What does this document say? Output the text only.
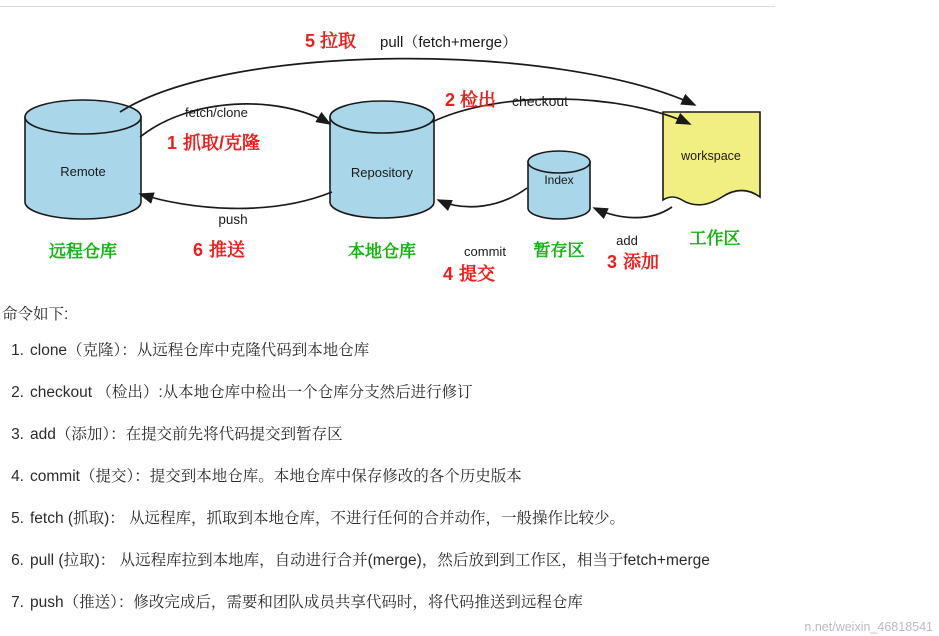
Remote
远程仓库
Repository
本地仓库
Index
暂存区
workspace
工作区
5 拉取 pull（fetch+merge）
fetch/clone
1 抓取/克隆
2 检出 checkout
add
3 添加
commit
4 提交
push
6 推送
命令如下:
1. clone（克隆）：从远程仓库中克隆代码到本地仓库
2. checkout （检出）:从本地仓库中检出一个仓库分支然后进行修订
3. add（添加）：在提交前先将代码提交到暂存区
4. commit（提交）：提交到本地仓库。本地仓库中保存修改的各个历史版本
5. fetch (抓取)： 从远程库，抓取到本地仓库，不进行任何的合并动作，一般操作比较少。
6. pull (拉取)： 从远程库拉到本地库，自动进行合并(merge)，然后放到到工作区，相当于fetch+merge
7. push（推送）：修改完成后，需要和团队成员共享代码时，将代码推送到远程仓库
n.net/weixin_46818541
